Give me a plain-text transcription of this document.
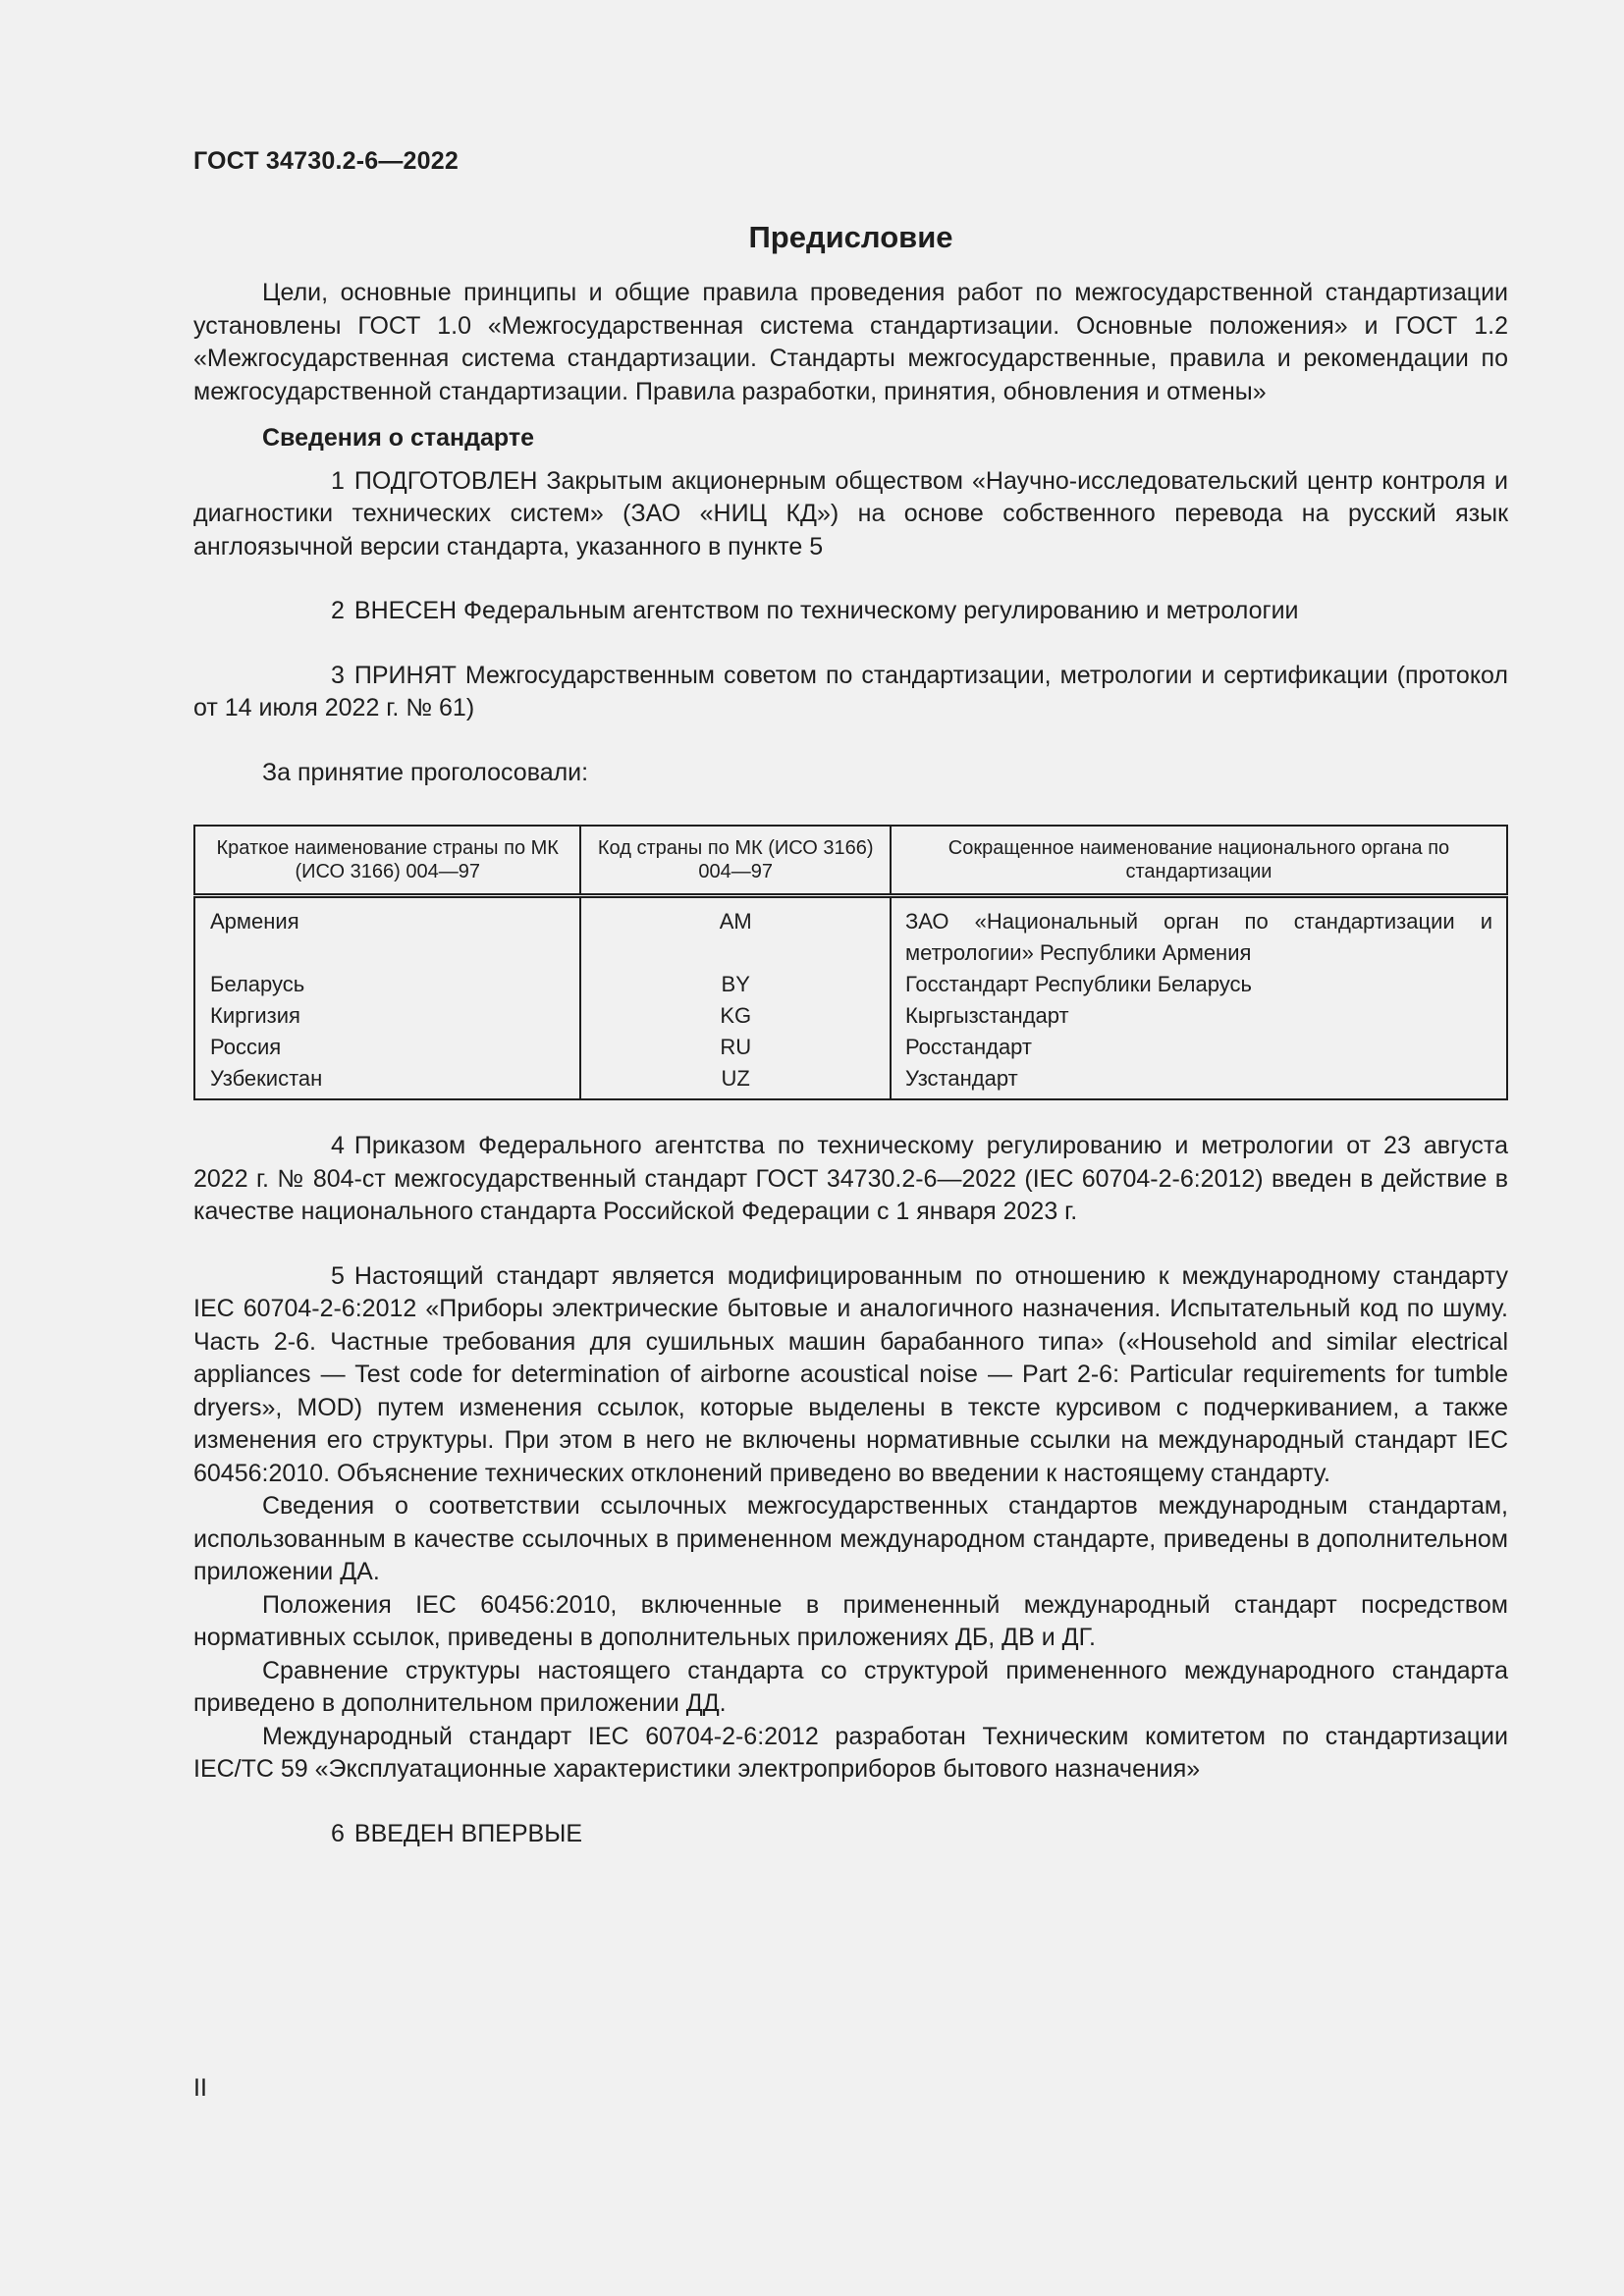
ГОСТ 34730.2-6—2022
Предисловие

Цели, основные принципы и общие правила проведения работ по межгосударственной стандартизации установлены ГОСТ 1.0 «Межгосударственная система стандартизации. Основные положения» и ГОСТ 1.2 «Межгосударственная система стандартизации. Стандарты межгосударственные, правила и рекомендации по межгосударственной стандартизации. Правила разработки, принятия, обновления и отмены»

Сведения о стандарте

1 ПОДГОТОВЛЕН Закрытым акционерным обществом «Научно-исследовательский центр контроля и диагностики технических систем» (ЗАО «НИЦ КД») на основе собственного перевода на русский язык англоязычной версии стандарта, указанного в пункте 5

2 ВНЕСЕН Федеральным агентством по техническому регулированию и метрологии

3 ПРИНЯТ Межгосударственным советом по стандартизации, метрологии и сертификации (протокол от 14 июля 2022 г. № 61)

За принятие проголосовали:

Краткое наименование страны по МК (ИСО 3166) 004—97	Код страны по МК (ИСО 3166) 004—97	Сокращенное наименование национального органа по стандартизации
Армения	AM	ЗАО «Национальный орган по стандартизации и метрологии» Республики Армения
Беларусь	BY	Госстандарт Республики Беларусь
Киргизия	KG	Кыргызстандарт
Россия	RU	Росстандарт
Узбекистан	UZ	Узстандарт

4 Приказом Федерального агентства по техническому регулированию и метрологии от 23 августа 2022 г. № 804-ст межгосударственный стандарт ГОСТ 34730.2-6—2022 (IEC 60704-2-6:2012) введен в действие в качестве национального стандарта Российской Федерации с 1 января 2023 г.

5 Настоящий стандарт является модифицированным по отношению к международному стандарту IEC 60704-2-6:2012 «Приборы электрические бытовые и аналогичного назначения. Испытательный код по шуму. Часть 2-6. Частные требования для сушильных машин барабанного типа» («Household and similar electrical appliances — Test code for determination of airborne acoustical noise — Part 2-6: Particular requirements for tumble dryers», MOD) путем изменения ссылок, которые выделены в тексте курсивом с подчеркиванием, а также изменения его структуры. При этом в него не включены нормативные ссылки на международный стандарт IEC 60456:2010. Объяснение технических отклонений приведено во введении к настоящему стандарту.

Сведения о соответствии ссылочных межгосударственных стандартов международным стандартам, использованным в качестве ссылочных в примененном международном стандарте, приведены в дополнительном приложении ДА.

Положения IEC 60456:2010, включенные в примененный международный стандарт посредством нормативных ссылок, приведены в дополнительных приложениях ДБ, ДВ и ДГ.

Сравнение структуры настоящего стандарта со структурой примененного международного стандарта приведено в дополнительном приложении ДД.

Международный стандарт IEC 60704-2-6:2012 разработан Техническим комитетом по стандартизации IEC/TC 59 «Эксплуатационные характеристики электроприборов бытового назначения»

6 ВВЕДЕН ВПЕРВЫЕ

II
